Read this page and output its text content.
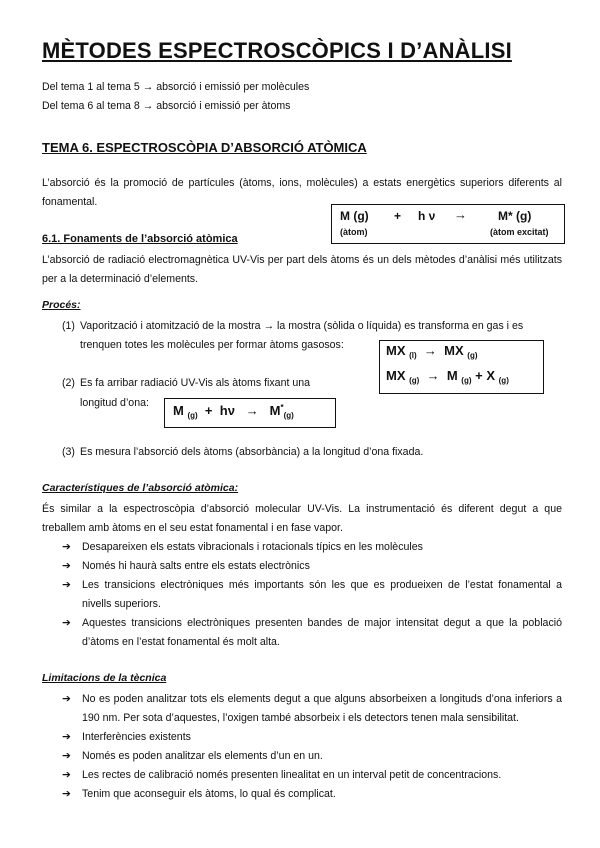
MÈTODES ESPECTROSCÒPICS I D’ANÀLISI
Del tema 1 al tema 5 → absorció i emissió per molècules
Del tema 6 al tema 8 → absorció i emissió per àtoms
TEMA 6. ESPECTROSCÒPIA D’ABSORCIÓ ATÒMICA
L’absorció és la promoció de partícules (àtoms, ions, molècules) a estats energètics superiors diferents al fonamental.
M (g) + h ν →	M* (g)
(àtom)	(àtom excitat)
6.1. Fonaments de l’absorció atòmica
L’absorció de radiació electromagnètica UV-Vis per part dels àtoms és un dels mètodes d’anàlisi més utilitzats per a la determinació d’elements.
Procés:
(1) Vaporització i atomització de la mostra → la mostra (sòlida o líquida) es transforma en gas i es
trenquen totes les molècules per formar àtoms gasosos:	MX $_{(l)}$ → MX $_{(g)}$
MX $_{(g)}$ → M $_{(g)}$ + X $_{(g)}$
(2) Es fa arribar radiació UV-Vis als àtoms fixant una
longitud d’ona: M $_{(g)} + h\nu \to M^*_{(g)}$
(3) Es mesura l’absorció dels àtoms (absorbància) a la longitud d’ona fixada.
Característiques de l’absorció atòmica:
És similar a la espectroscòpia d’absorció molecular UV-Vis. La instrumentació és diferent degut a que treballem amb àtoms en el seu estat fonamental i en fase vapor.
➔	Desapareixen els estats vibracionals i rotacionals típics en les molècules
➔	Només hi haurà salts entre els estats electrònics
➔	Les transicions electròniques més importants són les que es produeixen de l’estat fonamental a nivells superiors.
➔	Aquestes transicions electròniques presenten bandes de major intensitat degut a que la població d’àtoms en l’estat fonamental és molt alta.
Limitacions de la tècnica
➔	No es poden analitzar tots els elements degut a que alguns absorbeixen a longituds d’ona inferiors a 190 nm. Per sota d’aquestes, l’oxigen també absorbeix i els detectors tenen mala sensibilitat.
➔	Interferències existents
➔	Només es poden analitzar els elements d’un en un.
➔	Les rectes de calibració només presenten linealitat en un interval petit de concentracions.
➔	Tenim que aconseguir els àtoms, lo qual és complicat.
